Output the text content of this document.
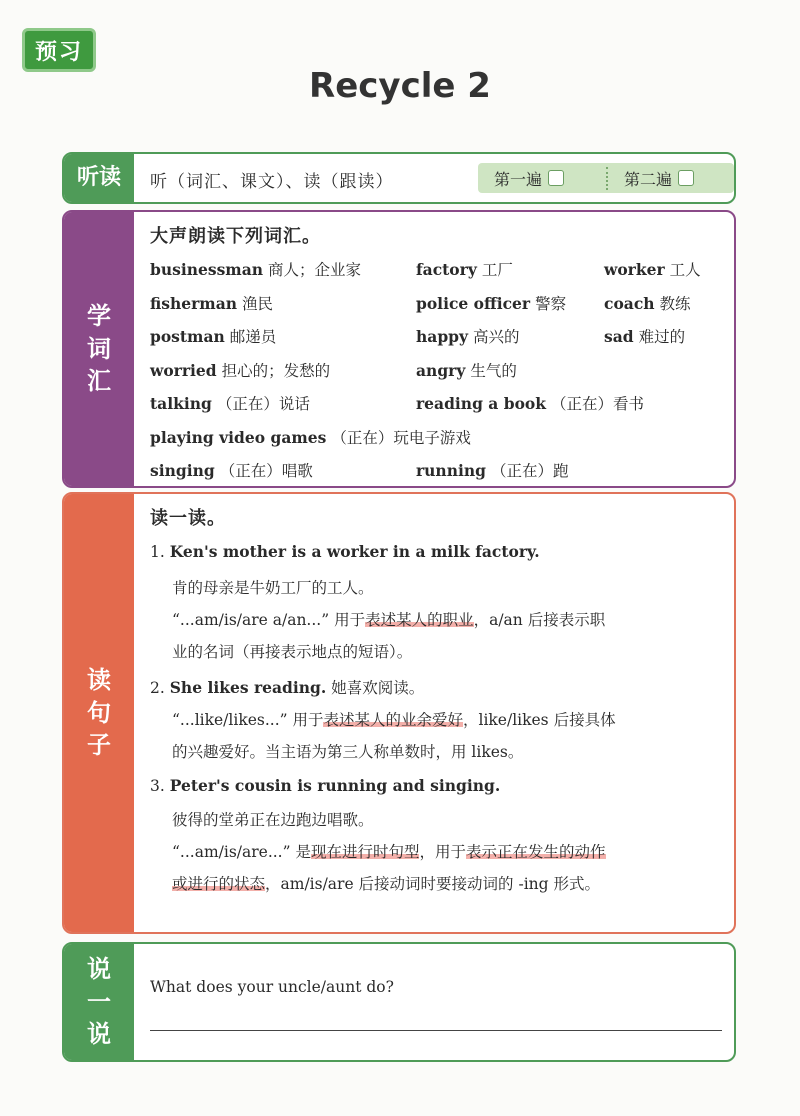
预习
Recycle 2
听读	听（词汇、课文）、读（跟读）	第一遍	第二遍
学
词
汇
大声朗读下列词汇。
businessman 商人；企业家	factory 工厂	worker 工人
fisherman 渔民	police officer 警察 coach 教练
postman 邮递员	happy 高兴的	sad 难过的
worried 担心的；发愁的	angry 生气的
talking （正在）说话	reading a book （正在）看书
playing video games （正在）玩电子游戏
singing （正在）唱歌	running （正在）跑
读
句
子
读一读。
1. Ken's mother is a worker in a milk factory.
肯的母亲是牛奶工厂的工人。
“...am/is/are a/an...” 用于表述某人的职业，a/an 后接表示职
业的名词（再接表示地点的短语）。
2. She likes reading. 她喜欢阅读。
“...like/likes...” 用于表述某人的业余爱好，like/likes 后接具体
的兴趣爱好。当主语为第三人称单数时，用 likes。
3. Peter's cousin is running and singing.
彼得的堂弟正在边跑边唱歌。
“...am/is/are...” 是现在进行时句型，用于表示正在发生的动作
或进行的状态，am/is/are 后接动词时要接动词的 -ing 形式。
说
一
说
What does your uncle/aunt do?
